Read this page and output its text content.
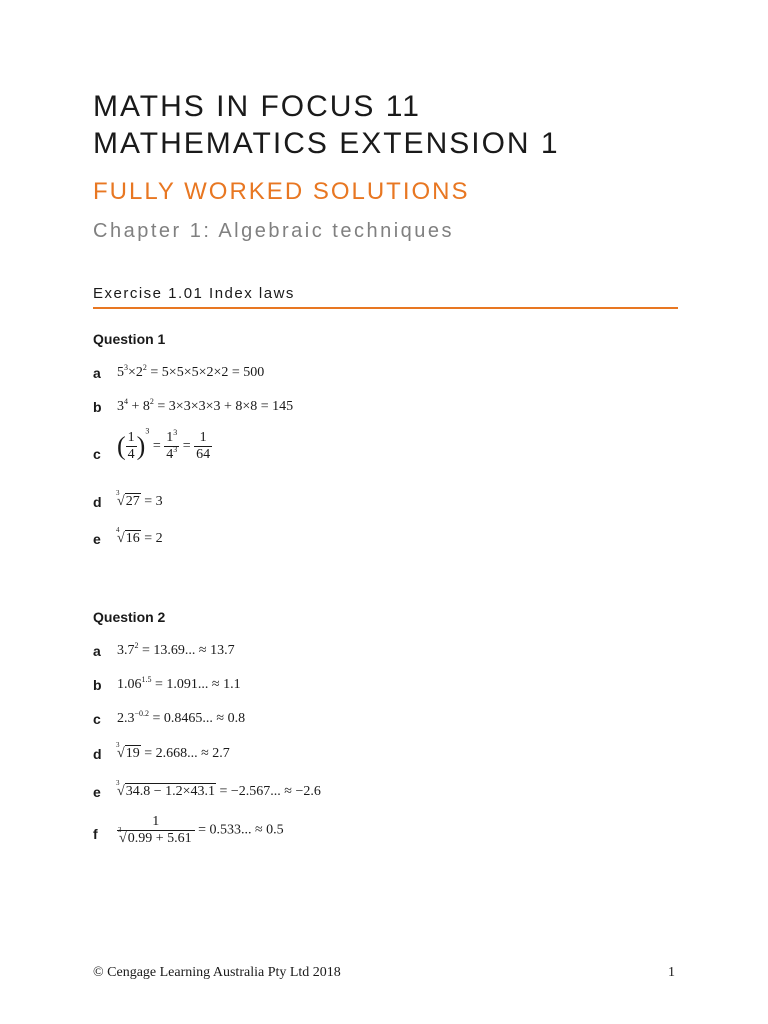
MATHS IN FOCUS 11
MATHEMATICS EXTENSION 1
FULLY WORKED SOLUTIONS
Chapter 1: Algebraic techniques
Exercise 1.01 Index laws
Question 1
a $5^3\times 2^2 = 5\times 5\times 5\times 2\times 2 = 500$
b $3^4 + 8^2 = 3\times 3\times 3\times 3 + 8\times 8 = 145$
c ( $\frac{1}{4} )^3 = \frac{1^3}{4^3} = \frac{1}{64}$
d
3
√27 = 3
e
4
√16 = 2
Question 2
a $3.7^2 = 13.69$... ≈ 13.7
b $1.06^{1.5} = 1.091$... ≈ 1.1
c $2.3^{-0.2} = 0.8465$... ≈ 0.8
d
3
√19 = 2.668... ≈ 2.7
e
3
√34.8 − 1.2×43.1 = −2.567... ≈ −2.6
f 1
3
√0.99 + 5.61 = 0.533... ≈ 0.5
© Cengage Learning Australia Pty Ltd 2018	1
